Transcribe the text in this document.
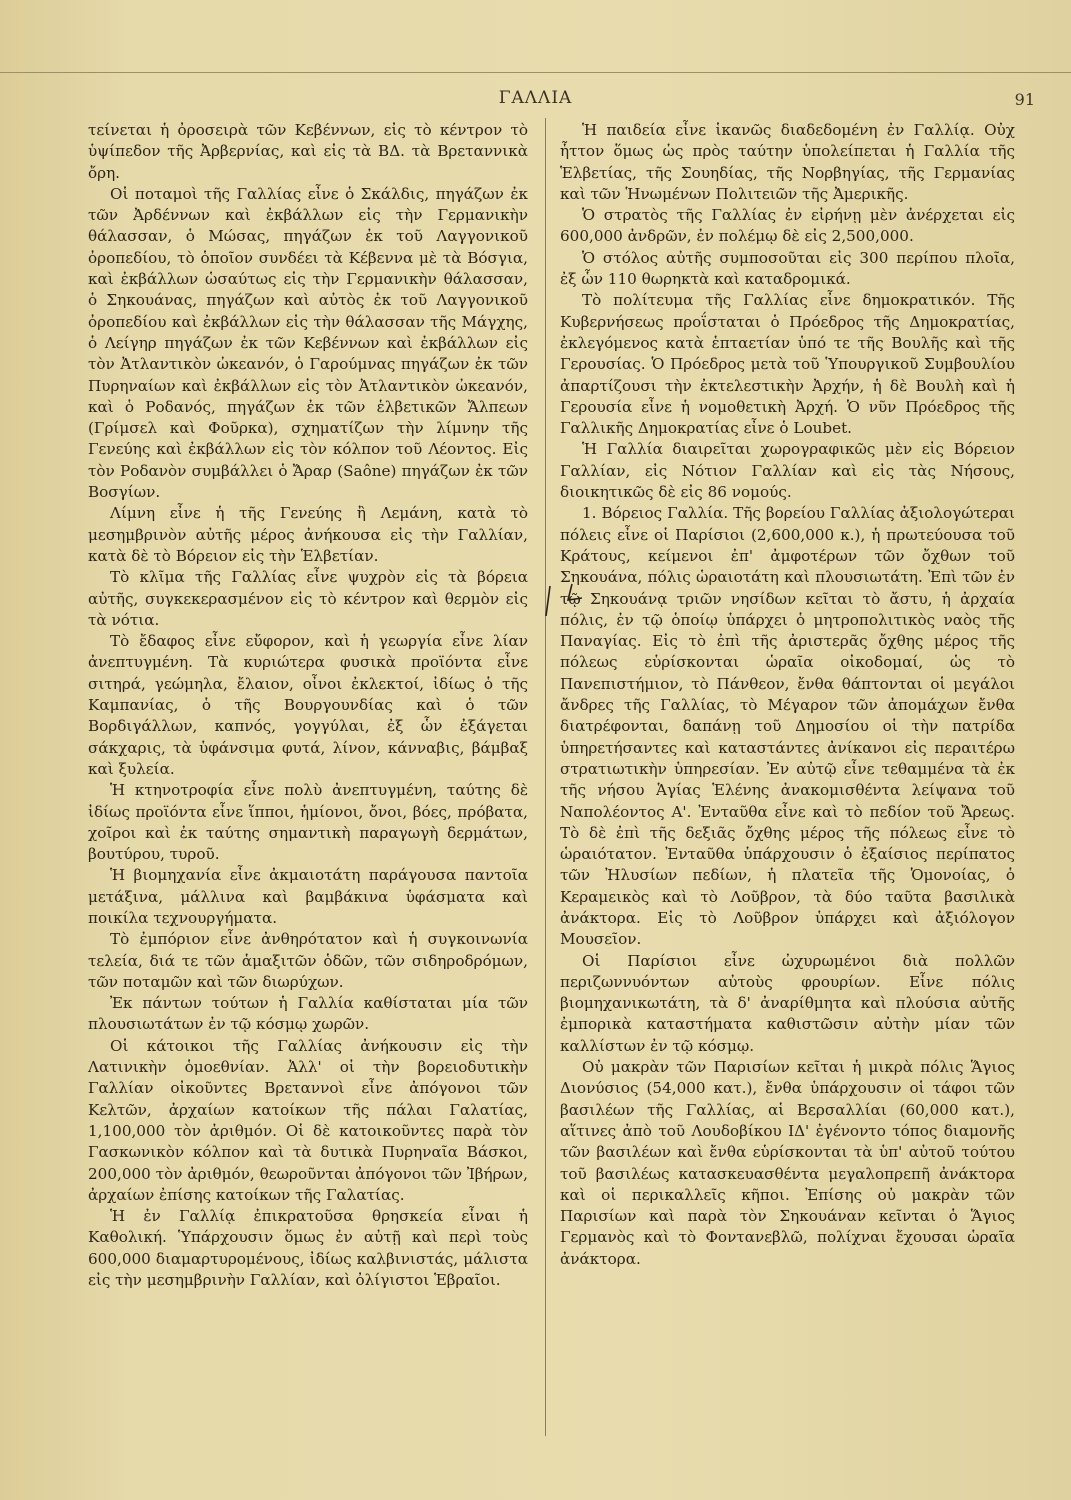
ΓΑΛΛΙΑ	91

τείνεται ἡ ὀροσειρὰ τῶν Κεβέννων, εἰς τὸ κέντρον τὸ ὑψίπεδον τῆς Ἀρβερνίας, καὶ εἰς τὰ ΒΔ. τὰ Βρεταννικὰ ὄρη.

Οἱ ποταμοὶ τῆς Γαλλίας εἶνε ὁ Σκάλδις, πηγάζων ἐκ τῶν Ἀρδέννων καὶ ἐκβάλλων εἰς τὴν Γερμανικὴν θάλασσαν, ὁ Μώσας, πηγάζων ἐκ τοῦ Λαγγονικοῦ ὀροπεδίου, τὸ ὁποῖον συνδέει τὰ Κέβεννα μὲ τὰ Βόσγια, καὶ ἐκβάλλων ὡσαύτως εἰς τὴν Γερμανικὴν θάλασσαν, ὁ Σηκουάνας, πηγάζων καὶ αὐτὸς ἐκ τοῦ Λαγγονικοῦ ὀροπεδίου καὶ ἐκβάλλων εἰς τὴν θάλασσαν τῆς Μάγχης, ὁ Λείγηρ πηγάζων ἐκ τῶν Κεβέννων καὶ ἐκβάλλων εἰς τὸν Ἀτλαντικὸν ὠκεανόν, ὁ Γαρούμνας πηγάζων ἐκ τῶν Πυρηναίων καὶ ἐκβάλλων εἰς τὸν Ἀτλαντικὸν ὠκεανόν, καὶ ὁ Ροδανός, πηγάζων ἐκ τῶν ἑλβετικῶν Ἄλπεων (Γρίμσελ καὶ Φοῦρκα), σχηματίζων τὴν λίμνην τῆς Γενεύης καὶ ἐκβάλλων εἰς τὸν κόλπον τοῦ Λέοντος. Εἰς τὸν Ροδανὸν συμβάλλει ὁ Ἄραρ (Saône) πηγάζων ἐκ τῶν Βοσγίων.

Λίμνη εἶνε ἡ τῆς Γενεύης ἢ Λεμάνη, κατὰ τὸ μεσημβρινὸν αὐτῆς μέρος ἀνήκουσα εἰς τὴν Γαλλίαν, κατὰ δὲ τὸ Βόρειον εἰς τὴν Ἑλβετίαν.

Τὸ κλῖμα τῆς Γαλλίας εἶνε ψυχρὸν εἰς τὰ βόρεια αὐτῆς, συγκεκερασμένον εἰς τὸ κέντρον καὶ θερμὸν εἰς τὰ νότια.

Τὸ ἔδαφος εἶνε εὔφορον, καὶ ἡ γεωργία εἶνε λίαν ἀνεπτυγμένη. Τὰ κυριώτερα φυσικὰ προϊόντα εἶνε σιτηρά, γεώμηλα, ἔλαιον, οἶνοι ἐκλεκτοί, ἰδίως ὁ τῆς Καμπανίας, ὁ τῆς Βουργουνδίας καὶ ὁ τῶν Βορδιγάλλων, καπνός, γογγύλαι, ἐξ ὧν ἐξάγεται σάκχαρις, τὰ ὑφάνσιμα φυτά, λίνον, κάνναβις, βάμβαξ καὶ ξυλεία.

Ἡ κτηνοτροφία εἶνε πολὺ ἀνεπτυγμένη, ταύτης δὲ ἰδίως προϊόντα εἶνε ἵπποι, ἡμίονοι, ὄνοι, βόες, πρόβατα, χοῖροι καὶ ἐκ ταύτης σημαντικὴ παραγωγὴ δερμάτων, βουτύρου, τυροῦ.

Ἡ βιομηχανία εἶνε ἀκμαιοτάτη παράγουσα παντοῖα μετάξινα, μάλλινα καὶ βαμβάκινα ὑφάσματα καὶ ποικίλα τεχνουργήματα.

Τὸ ἐμπόριον εἶνε ἀνθηρότατον καὶ ἡ συγκοινωνία τελεία, διά τε τῶν ἁμαξιτῶν ὁδῶν, τῶν σιδηροδρόμων, τῶν ποταμῶν καὶ τῶν διωρύχων.

Ἐκ πάντων τούτων ἡ Γαλλία καθίσταται μία τῶν πλουσιωτάτων ἐν τῷ κόσμῳ χωρῶν.

Οἱ κάτοικοι τῆς Γαλλίας ἀνήκουσιν εἰς τὴν Λατινικὴν ὁμοεθνίαν. Ἀλλ' οἱ τὴν βορειοδυτικὴν Γαλλίαν οἰκοῦντες Βρεταννοὶ εἶνε ἀπόγονοι τῶν Κελτῶν, ἀρχαίων κατοίκων τῆς πάλαι Γαλατίας, 1,100,000 τὸν ἀριθμόν. Οἱ δὲ κατοικοῦντες παρὰ τὸν Γασκωνικὸν κόλπον καὶ τὰ δυτικὰ Πυρηναῖα Βάσκοι, 200,000 τὸν ἀριθμόν, θεωροῦνται ἀπόγονοι τῶν Ἰβήρων, ἀρχαίων ἐπίσης κατοίκων τῆς Γαλατίας.

Ἡ ἐν Γαλλίᾳ ἐπικρατοῦσα θρησκεία εἶναι ἡ Καθολική. Ὑπάρχουσιν ὅμως ἐν αὐτῇ καὶ περὶ τοὺς 600,000 διαμαρτυρομένους, ἰδίως καλβινιστάς, μάλιστα εἰς τὴν μεσημβρινὴν Γαλλίαν, καὶ ὀλίγιστοι Ἑβραῖοι.

Ἡ παιδεία εἶνε ἱκανῶς διαδεδομένη ἐν Γαλλίᾳ. Οὐχ ἧττον ὅμως ὡς πρὸς ταύτην ὑπολείπεται ἡ Γαλλία τῆς Ἑλβετίας, τῆς Σουηδίας, τῆς Νορβηγίας, τῆς Γερμανίας καὶ τῶν Ἡνωμένων Πολιτειῶν τῆς Ἀμερικῆς.

Ὁ στρατὸς τῆς Γαλλίας ἐν εἰρήνῃ μὲν ἀνέρχεται εἰς 600,000 ἀνδρῶν, ἐν πολέμῳ δὲ εἰς 2,500,000.

Ὁ στόλος αὐτῆς συμποσοῦται εἰς 300 περίπου πλοῖα, ἐξ ὧν 110 θωρηκτὰ καὶ καταδρομικά.

Τὸ πολίτευμα τῆς Γαλλίας εἶνε δημοκρατικόν. Τῆς Κυβερνήσεως προΐσταται ὁ Πρόεδρος τῆς Δημοκρατίας, ἐκλεγόμενος κατὰ ἑπταετίαν ὑπό τε τῆς Βουλῆς καὶ τῆς Γερουσίας. Ὁ Πρόεδρος μετὰ τοῦ Ὑπουργικοῦ Συμβουλίου ἀπαρτίζουσι τὴν ἐκτελεστικὴν Ἀρχήν, ἡ δὲ Βουλὴ καὶ ἡ Γερουσία εἶνε ἡ νομοθετικὴ Ἀρχή. Ὁ νῦν Πρόεδρος τῆς Γαλλικῆς Δημοκρατίας εἶνε ὁ Loubet.

Ἡ Γαλλία διαιρεῖται χωρογραφικῶς μὲν εἰς Βόρειον Γαλλίαν, εἰς Νότιον Γαλλίαν καὶ εἰς τὰς Νήσους, διοικητικῶς δὲ εἰς 86 νομούς.

1. Βόρειος Γαλλία. Τῆς βορείου Γαλλίας ἀξιολογώτεραι πόλεις εἶνε οἱ Παρίσιοι (2,600,000 κ.), ἡ πρωτεύουσα τοῦ Κράτους, κείμενοι ἐπ' ἀμφοτέρων τῶν ὄχθων τοῦ Σηκουάνα, πόλις ὡραιοτάτη καὶ πλουσιωτάτη. Ἐπὶ τῶν ἐν τῷ Σηκουάνᾳ τριῶν νησίδων κεῖται τὸ ἄστυ, ἡ ἀρχαία πόλις, ἐν τῷ ὁποίῳ ὑπάρχει ὁ μητροπολιτικὸς ναὸς τῆς Παναγίας. Εἰς τὸ ἐπὶ τῆς ἀριστερᾶς ὄχθης μέρος τῆς πόλεως εὑρίσκονται ὡραῖα οἰκοδομαί, ὡς τὸ Πανεπιστήμιον, τὸ Πάνθεον, ἔνθα θάπτονται οἱ μεγάλοι ἄνδρες τῆς Γαλλίας, τὸ Μέγαρον τῶν ἀπομάχων ἔνθα διατρέφονται, δαπάνῃ τοῦ Δημοσίου οἱ τὴν πατρίδα ὑπηρετήσαντες καὶ καταστάντες ἀνίκανοι εἰς περαιτέρω στρατιωτικὴν ὑπηρεσίαν. Ἐν αὐτῷ εἶνε τεθαμμένα τὰ ἐκ τῆς νήσου Ἁγίας Ἑλένης ἀνακομισθέντα λείψανα τοῦ Ναπολέοντος Α'. Ἐνταῦθα εἶνε καὶ τὸ πεδίον τοῦ Ἄρεως. Τὸ δὲ ἐπὶ τῆς δεξιᾶς ὄχθης μέρος τῆς πόλεως εἶνε τὸ ὡραιότατον. Ἐνταῦθα ὑπάρχουσιν ὁ ἐξαίσιος περίπατος τῶν Ἠλυσίων πεδίων, ἡ πλατεῖα τῆς Ὁμονοίας, ὁ Κεραμεικὸς καὶ τὸ Λοῦβρον, τὰ δύο ταῦτα βασιλικὰ ἀνάκτορα. Εἰς τὸ Λοῦβρον ὑπάρχει καὶ ἀξιόλογον Μουσεῖον.

Οἱ Παρίσιοι εἶνε ὠχυρωμένοι διὰ πολλῶν περιζωννυόντων αὐτοὺς φρουρίων. Εἶνε πόλις βιομηχανικωτάτη, τὰ δ' ἀναρίθμητα καὶ πλούσια αὐτῆς ἐμπορικὰ καταστήματα καθιστῶσιν αὐτὴν μίαν τῶν καλλίστων ἐν τῷ κόσμῳ.

Οὐ μακρὰν τῶν Παρισίων κεῖται ἡ μικρὰ πόλις Ἅγιος Διονύσιος (54,000 κατ.), ἔνθα ὑπάρχουσιν οἱ τάφοι τῶν βασιλέων τῆς Γαλλίας, αἱ Βερσαλλίαι (60,000 κατ.), αἵτινες ἀπὸ τοῦ Λουδοβίκου ΙΔ' ἐγένοντο τόπος διαμονῆς τῶν βασιλέων καὶ ἔνθα εὑρίσκονται τὰ ὑπ' αὐτοῦ τούτου τοῦ βασιλέως κατασκευασθέντα μεγαλοπρεπῆ ἀνάκτορα καὶ οἱ περικαλλεῖς κῆποι. Ἐπίσης οὐ μακρὰν τῶν Παρισίων καὶ παρὰ τὸν Σηκουάναν κεῖνται ὁ Ἅγιος Γερμανὸς καὶ τὸ Φοντανεβλῶ, πολίχναι ἔχουσαι ὡραῖα ἀνάκτορα.
